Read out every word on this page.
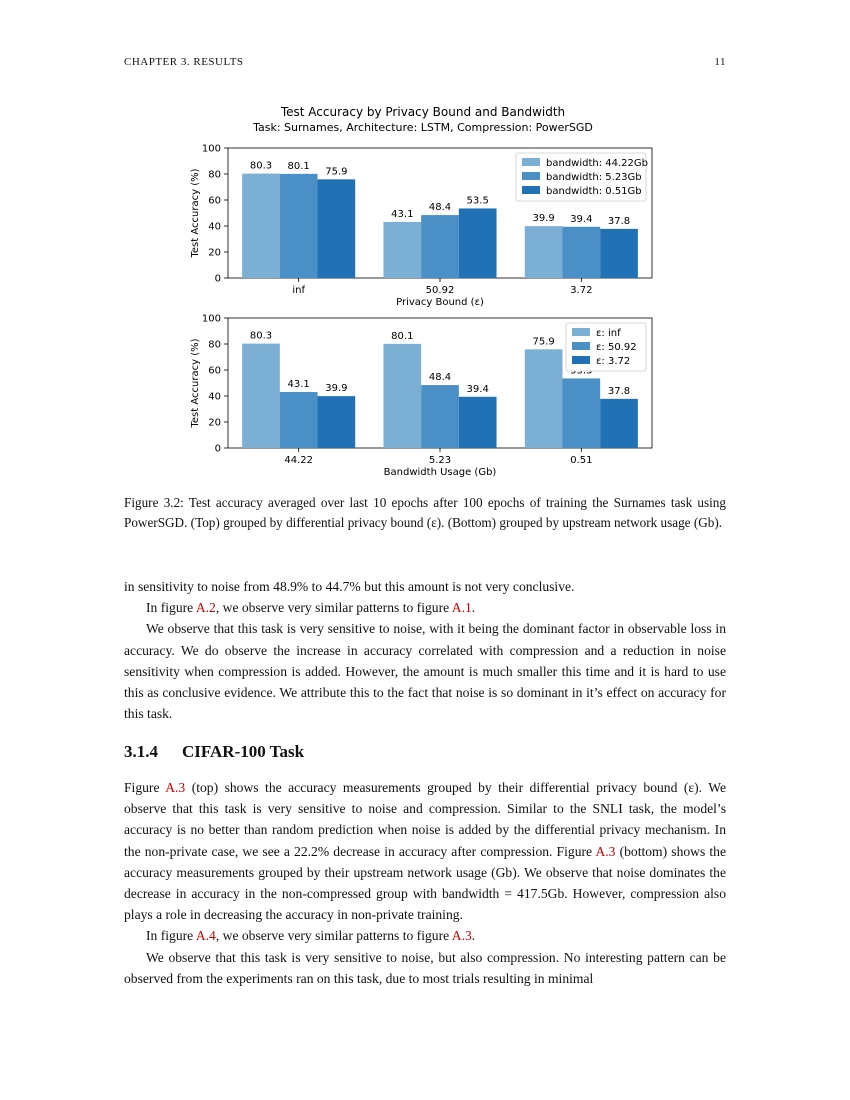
CHAPTER 3. RESULTS	11
Test Accuracy by Privacy Bound and Bandwidth
Task: Surnames, Architecture: LSTM, Compression: PowerSGD
0
20
40
60
80
100
Test Accuracy (%)
inf
80.3 80.1 75.9
50.92
43.1
48.4
53.5
3.72
39.9 39.4 37.8
Privacy Bound (ε)
bandwidth: 44.22Gb
bandwidth: 5.23Gb
bandwidth: 0.51Gb
0
20
40
60
80
100
Test Accuracy (%)
44.22
80.3
43.1 39.9
5.23
80.1
48.4
39.4
0.51
75.9
37.8
Bandwidth Usage (Gb)
ε: inf
ε: 50.92
ε: 3.72
Figure 3.2: Test accuracy averaged over last 10 epochs after 100 epochs of training the Surnames task using PowerSGD. (Top) grouped by differential privacy bound (ε). (Bottom) grouped by upstream network usage (Gb).

in sensitivity to noise from 48.9% to 44.7% but this amount is not very conclusive.

In figure A.2, we observe very similar patterns to figure A.1.

We observe that this task is very sensitive to noise, with it being the dominant factor in observable loss in accuracy. We do observe the increase in accuracy correlated with compression and a reduction in noise sensitivity when compression is added. However, the amount is much smaller this time and it is hard to use this as conclusive evidence. We attribute this to the fact that noise is so dominant in it’s effect on accuracy for this task.

3.1.4 CIFAR-100 Task

Figure A.3 (top) shows the accuracy measurements grouped by their differential privacy bound (ε). We observe that this task is very sensitive to noise and compression. Similar to the SNLI task, the model’s accuracy is no better than random prediction when noise is added by the differential privacy mechanism. In the non-private case, we see a 22.2% decrease in accuracy after compression. Figure A.3 (bottom) shows the accuracy measurements grouped by their upstream network usage (Gb). We observe that noise dominates the decrease in accuracy in the non-compressed group with bandwidth = 417.5Gb. However, compression also plays a role in decreasing the accuracy in non-private training.

In figure A.4, we observe very similar patterns to figure A.3.

We observe that this task is very sensitive to noise, but also compression. No interesting pattern can be observed from the experiments ran on this task, due to most trials resulting in minimal
